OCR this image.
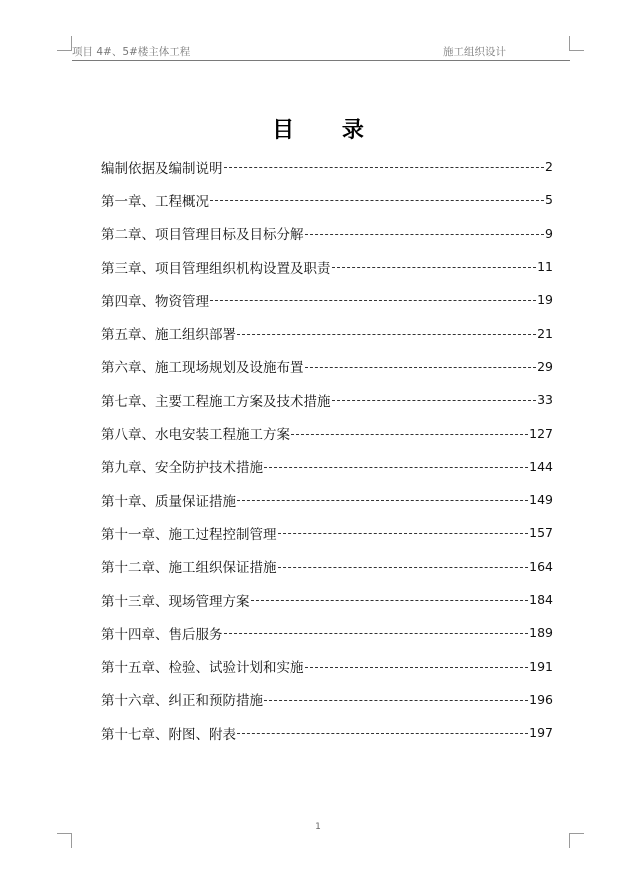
项目 4#、5#楼主体工程	施工组织设计
目 录
编制依据及编制说明	2
第一章、工程概况	5
第二章、项目管理目标及目标分解	9
第三章、项目管理组织机构设置及职责	11
第四章、物资管理	19
第五章、施工组织部署	21
第六章、施工现场规划及设施布置	29
第七章、主要工程施工方案及技术措施	33
第八章、水电安装工程施工方案	127
第九章、安全防护技术措施	144
第十章、质量保证措施	149
第十一章、施工过程控制管理	157
第十二章、施工组织保证措施	164
第十三章、现场管理方案	184
第十四章、售后服务	189
第十五章、检验、试验计划和实施	191
第十六章、纠正和预防措施	196
第十七章、附图、附表	197
1
